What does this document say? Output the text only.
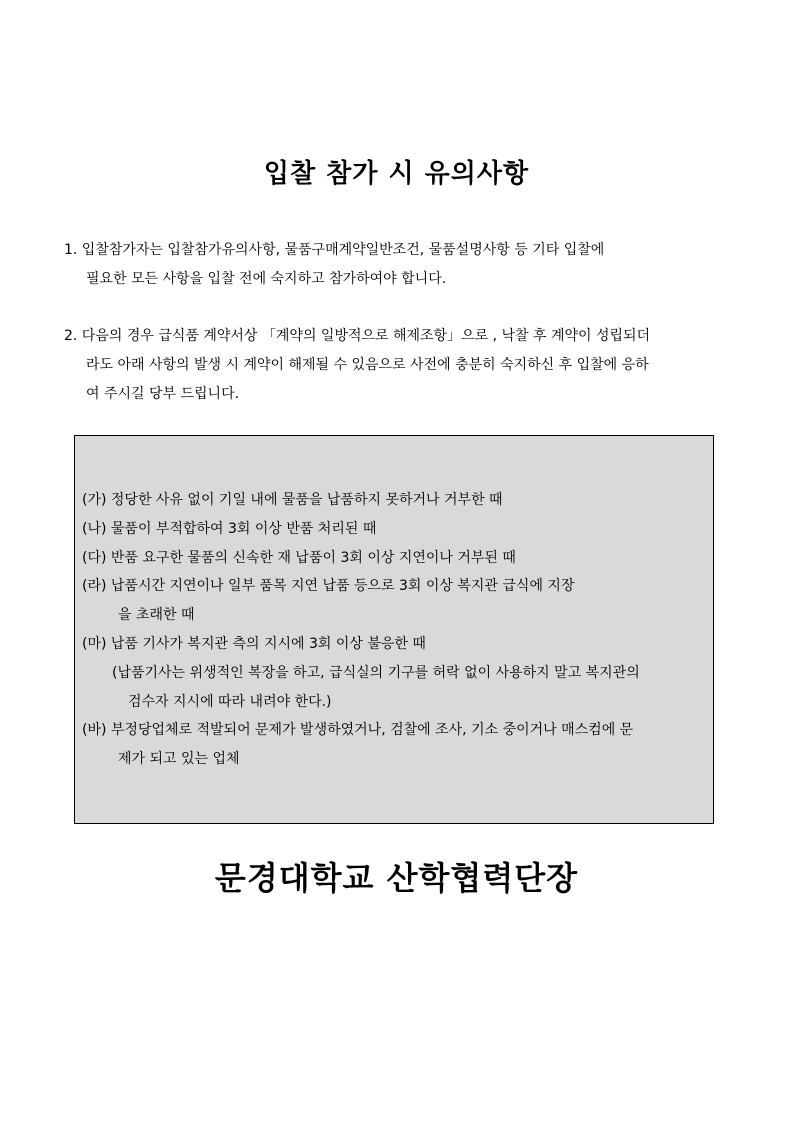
입찰 참가 시 유의사항
1. 입찰참가자는 입찰참가유의사항, 물품구매계약일반조건, 물품설명사항 등 기타 입찰에
필요한 모든 사항을 입찰 전에 숙지하고 참가하여야 합니다.
2. 다음의 경우 급식품 계약서상 「계약의 일방적으로 해제조항」으로 , 낙찰 후 계약이 성립되더
라도 아래 사항의 발생 시 계약이 해제될 수 있음으로 사전에 충분히 숙지하신 후 입찰에 응하
여 주시길 당부 드립니다.
(가) 정당한 사유 없이 기일 내에 물품을 납품하지 못하거나 거부한 때
(나) 물품이 부적합하여 3회 이상 반품 처리된 때
(다) 반품 요구한 물품의 신속한 재 납품이 3회 이상 지연이나 거부된 때
(라) 납품시간 지연이나 일부 품목 지연 납품 등으로 3회 이상 복지관 급식에 지장
을 초래한 때
(마) 납품 기사가 복지관 측의 지시에 3회 이상 불응한 때
(납품기사는 위생적인 복장을 하고, 급식실의 기구를 허락 없이 사용하지 말고 복지관의
검수자 지시에 따라 내려야 한다.)
(바) 부정당업체로 적발되어 문제가 발생하였거나, 검찰에 조사, 기소 중이거나 매스컴에 문
제가 되고 있는 업체
문경대학교 산학협력단장
